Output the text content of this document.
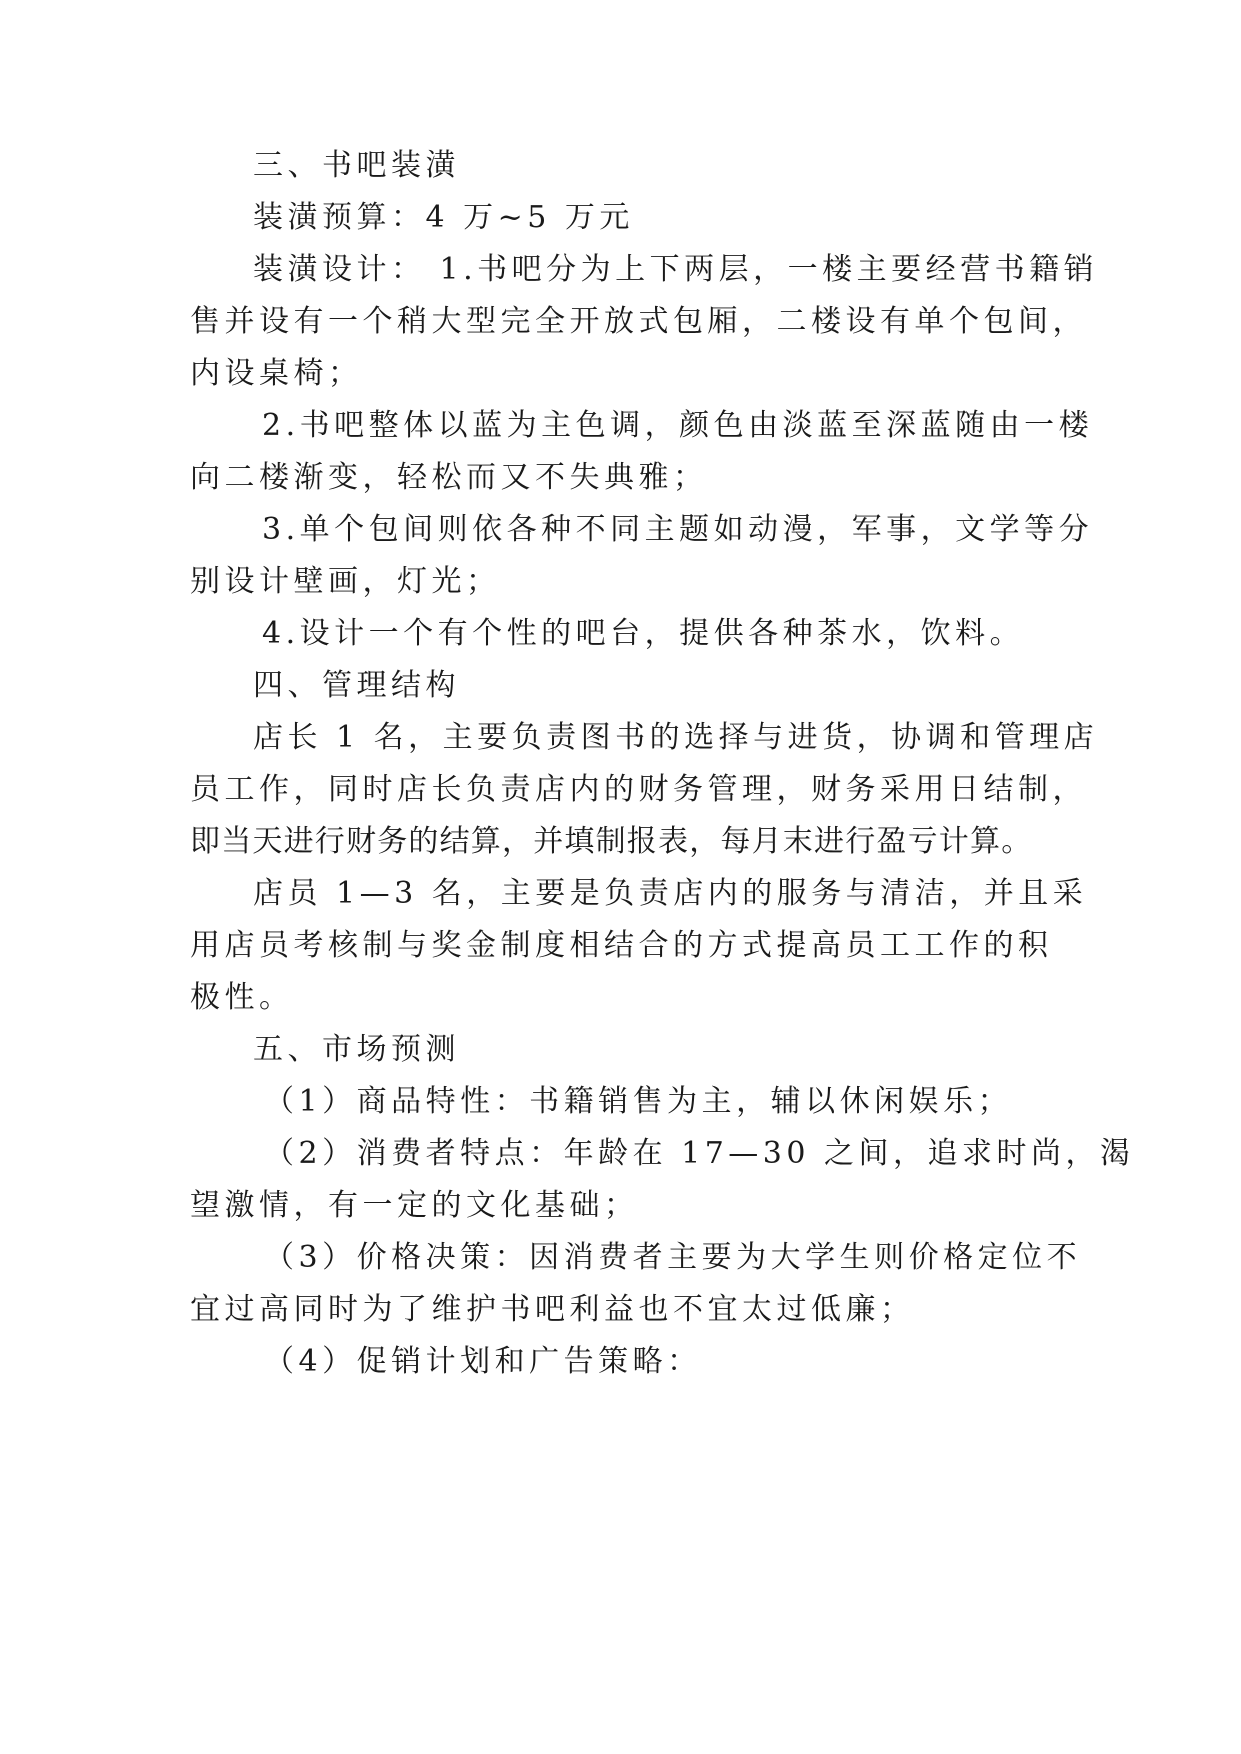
三、书吧装潢
装潢预算：4 万~5 万元
装潢设计： 1.书吧分为上下两层，一楼主要经营书籍销
售并设有一个稍大型完全开放式包厢，二楼设有单个包间，
内设桌椅；
2.书吧整体以蓝为主色调，颜色由淡蓝至深蓝随由一楼
向二楼渐变，轻松而又不失典雅；
3.单个包间则依各种不同主题如动漫，军事，文学等分
别设计壁画，灯光；
4.设计一个有个性的吧台，提供各种茶水，饮料。
四、管理结构
店长 1 名，主要负责图书的选择与进货，协调和管理店
员工作，同时店长负责店内的财务管理，财务采用日结制，
即当天进行财务的结算，并填制报表，每月末进行盈亏计算。
店员 1—3 名，主要是负责店内的服务与清洁，并且采
用店员考核制与奖金制度相结合的方式提高员工工作的积
极性。
五、市场预测
（1）商品特性：书籍销售为主，辅以休闲娱乐；
（2）消费者特点：年龄在 17—30 之间，追求时尚，渴
望激情，有一定的文化基础；
（3）价格决策：因消费者主要为大学生则价格定位不
宜过高同时为了维护书吧利益也不宜太过低廉；
（4）促销计划和广告策略：
